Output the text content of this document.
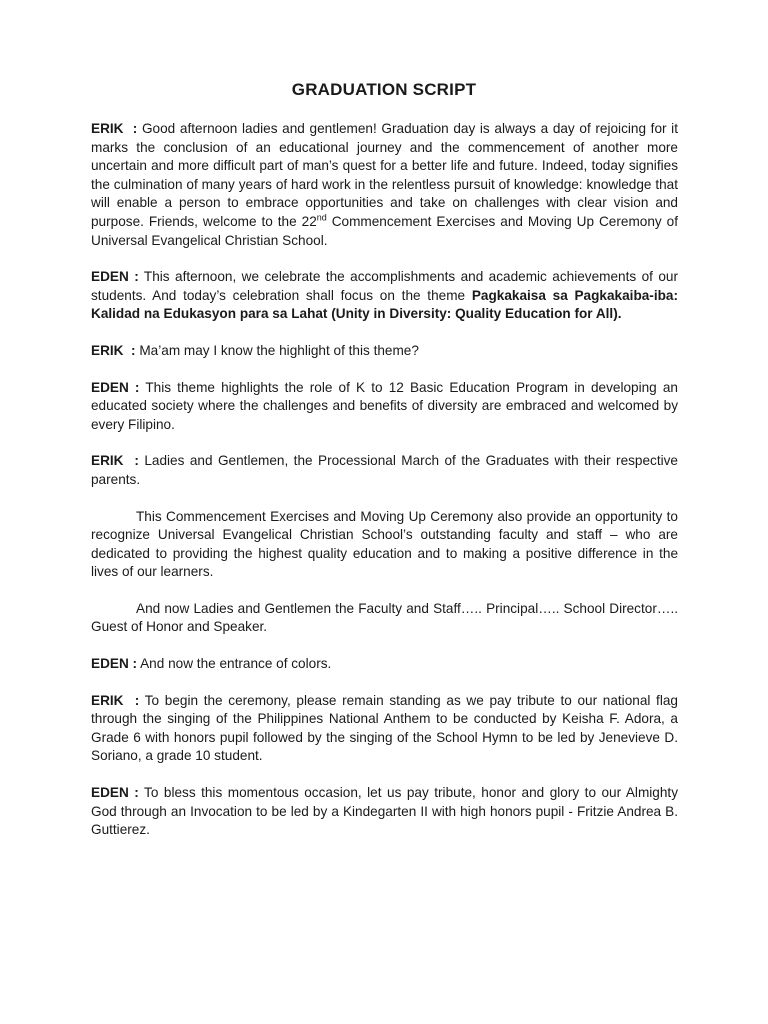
GRADUATION SCRIPT

ERIK  : Good afternoon ladies and gentlemen! Graduation day is always a day of rejoicing for it marks the conclusion of an educational journey and the commencement of another more uncertain and more difficult part of man’s quest for a better life and future. Indeed, today signifies the culmination of many years of hard work in the relentless pursuit of knowledge: knowledge that will enable a person to embrace opportunities and take on challenges with clear vision and purpose. Friends, welcome to the 22nd Commencement Exercises and Moving Up Ceremony of Universal Evangelical Christian School.

EDEN : This afternoon, we celebrate the accomplishments and academic achievements of our students. And today’s celebration shall focus on the theme Pagkakaisa sa Pagkakaiba-iba: Kalidad na Edukasyon para sa Lahat (Unity in Diversity: Quality Education for All).

ERIK  : Ma’am may I know the highlight of this theme?

EDEN : This theme highlights the role of K to 12 Basic Education Program in developing an educated society where the challenges and benefits of diversity are embraced and welcomed by every Filipino.

ERIK  : Ladies and Gentlemen, the Processional March of the Graduates with their respective parents.

This Commencement Exercises and Moving Up Ceremony also provide an opportunity to recognize Universal Evangelical Christian School’s outstanding faculty and staff – who are dedicated to providing the highest quality education and to making a positive difference in the lives of our learners.

And now Ladies and Gentlemen the Faculty and Staff….. Principal….. School Director….. Guest of Honor and Speaker.

EDEN : And now the entrance of colors.

ERIK  : To begin the ceremony, please remain standing as we pay tribute to our national flag through the singing of the Philippines National Anthem to be conducted by Keisha F. Adora, a Grade 6 with honors pupil followed by the singing of the School Hymn to be led by Jenevieve D. Soriano, a grade 10 student.

EDEN : To bless this momentous occasion, let us pay tribute, honor and glory to our Almighty God through an Invocation to be led by a Kindegarten II with high honors pupil - Fritzie Andrea B. Guttierez.
